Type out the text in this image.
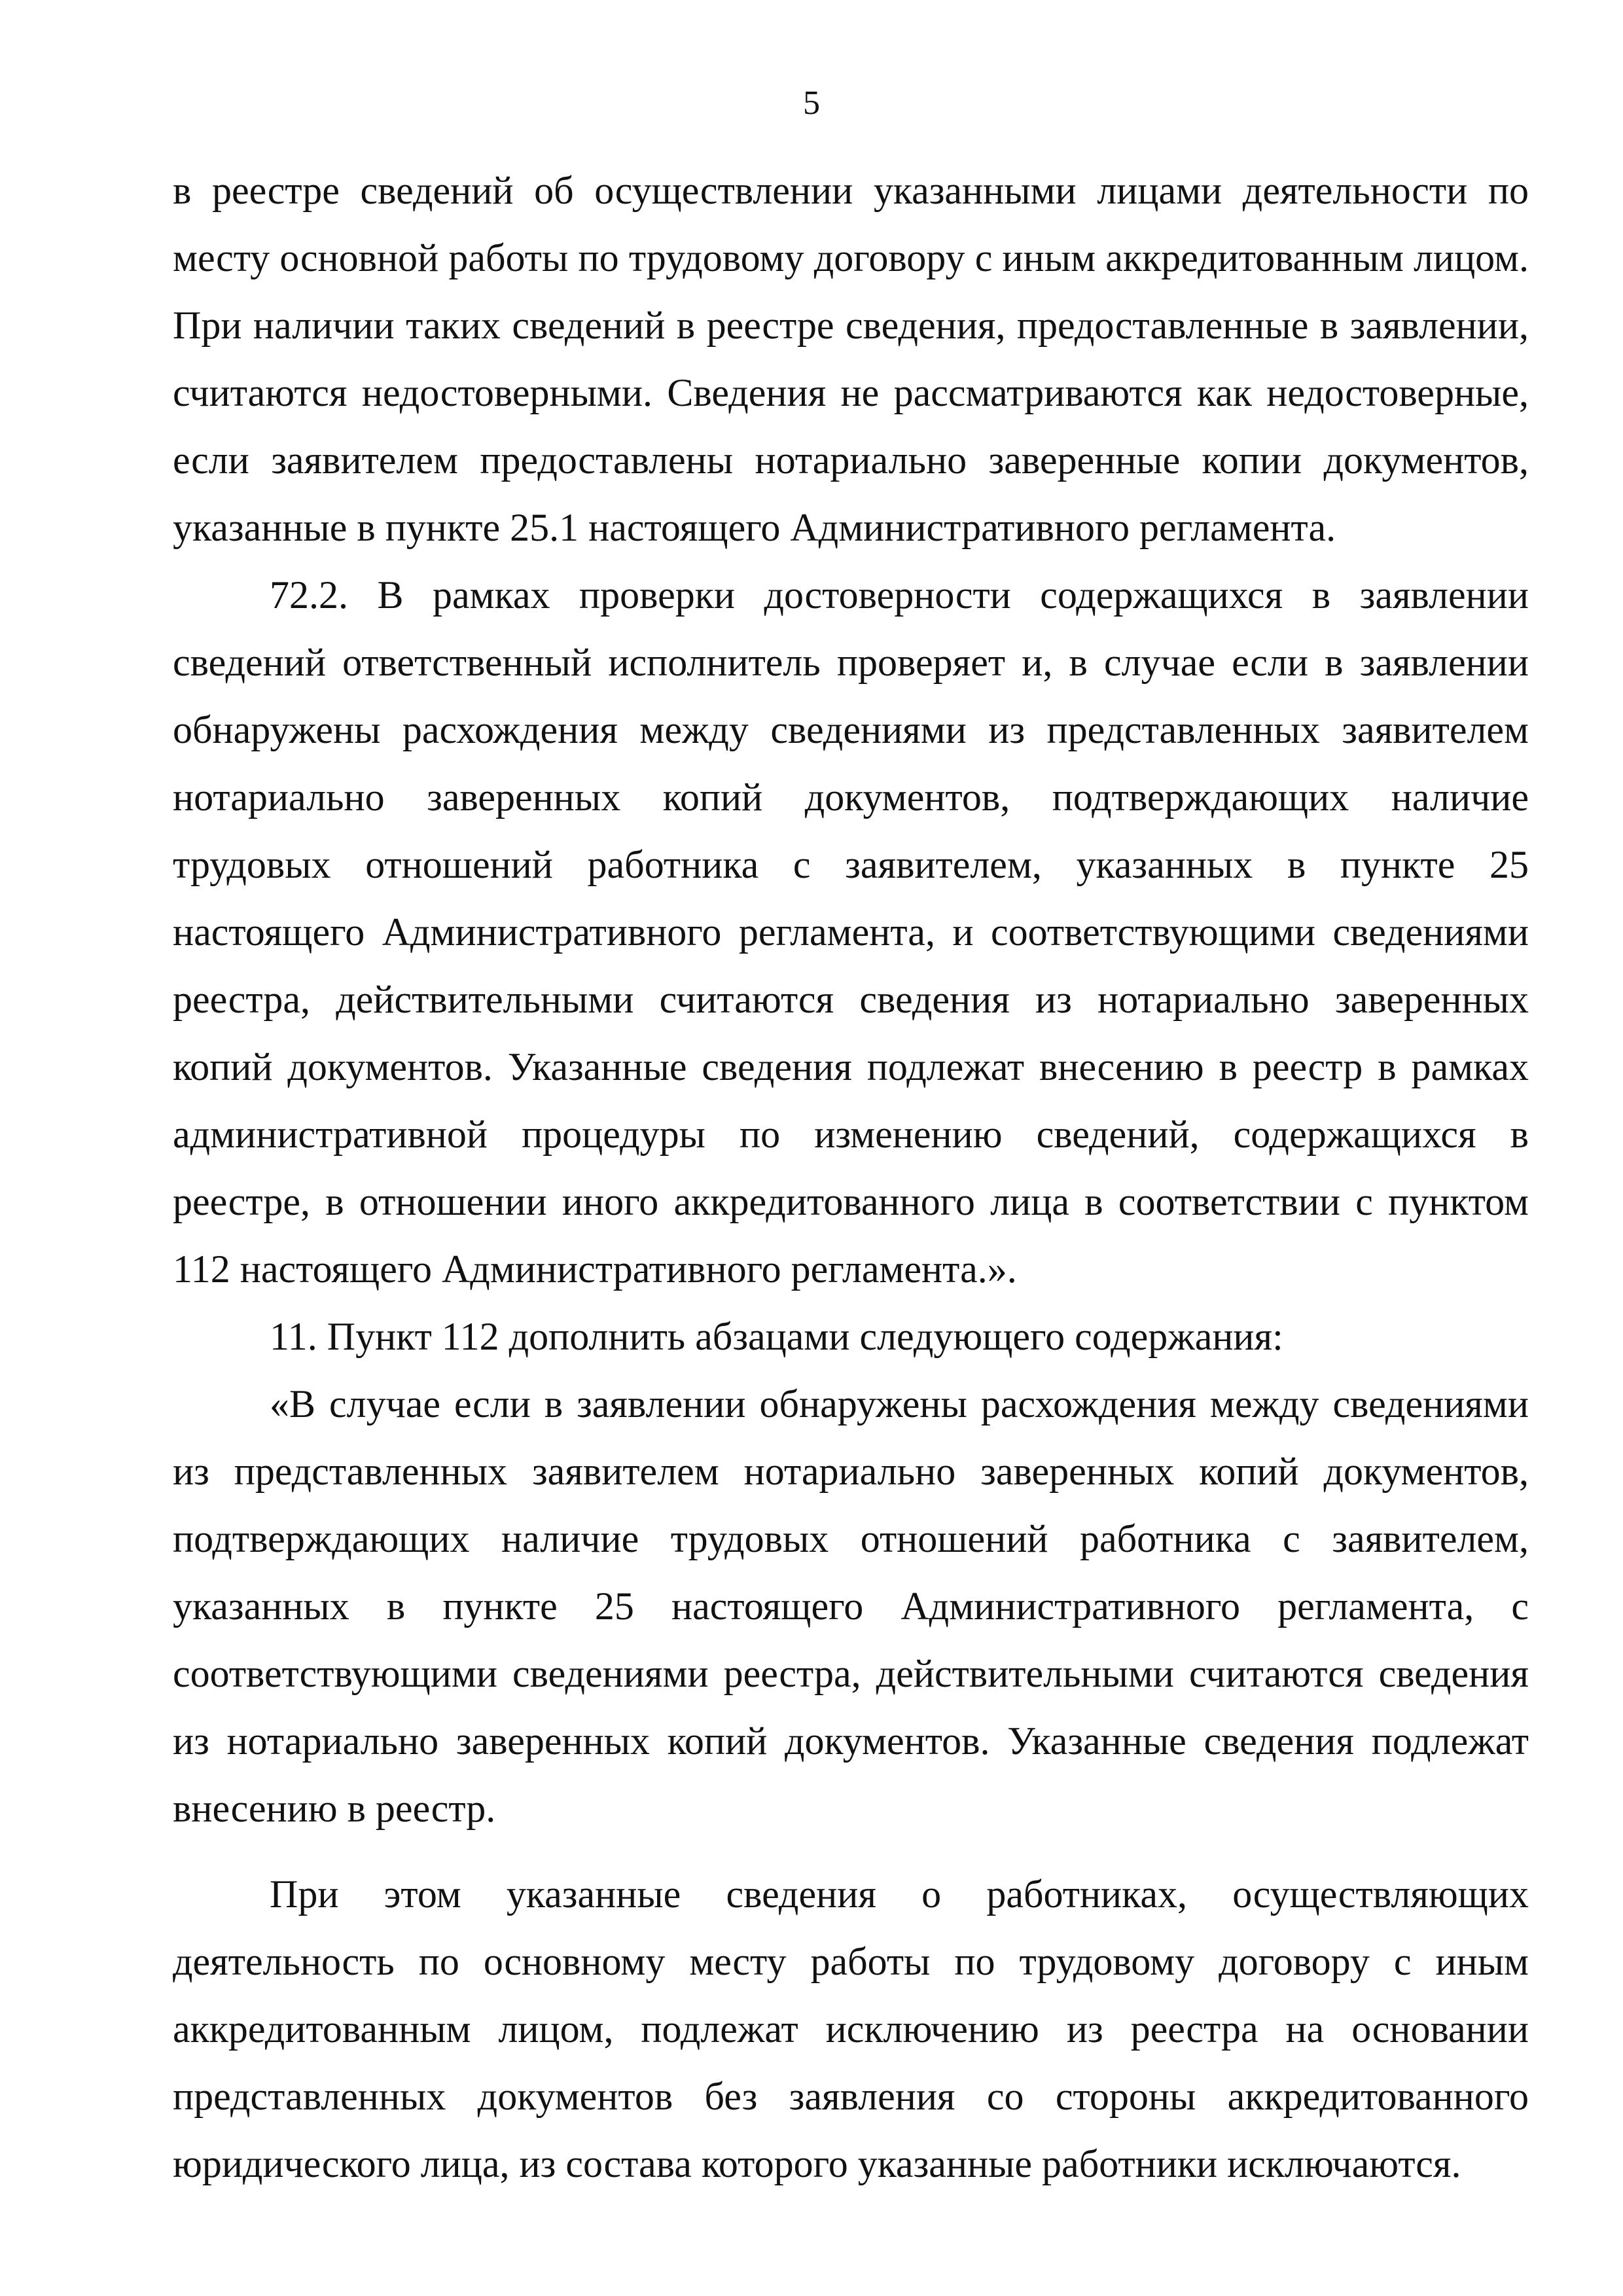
5

в реестре сведений об осуществлении указанными лицами деятельности по месту основной работы по трудовому договору с иным аккредитованным лицом. При наличии таких сведений в реестре сведения, предоставленные в заявлении, считаются недостоверными. Сведения не рассматриваются как недостоверные, если заявителем предоставлены нотариально заверенные копии документов, указанные в пункте 25.1 настоящего Административного регламента.

72.2. В рамках проверки достоверности содержащихся в заявлении сведений ответственный исполнитель проверяет и, в случае если в заявлении обнаружены расхождения между сведениями из представленных заявителем нотариально заверенных копий документов, подтверждающих наличие трудовых отношений работника с заявителем, указанных в пункте 25 настоящего Административного регламента, и соответствующими сведениями реестра, действительными считаются сведения из нотариально заверенных копий документов. Указанные сведения подлежат внесению в реестр в рамках административной процедуры по изменению сведений, содержащихся в реестре, в отношении иного аккредитованного лица в соответствии с пунктом 112 настоящего Административного регламента.».

11. Пункт 112 дополнить абзацами следующего содержания:

«В случае если в заявлении обнаружены расхождения между сведениями из представленных заявителем нотариально заверенных копий документов, подтверждающих наличие трудовых отношений работника с заявителем, указанных в пункте 25 настоящего Административного регламента, с соответствующими сведениями реестра, действительными считаются сведения из нотариально заверенных копий документов. Указанные сведения подлежат внесению в реестр.

При этом указанные сведения о работниках, осуществляющих деятельность по основному месту работы по трудовому договору с иным аккредитованным лицом, подлежат исключению из реестра на основании представленных документов без заявления со стороны аккредитованного юридического лица, из состава которого указанные работники исключаются.
